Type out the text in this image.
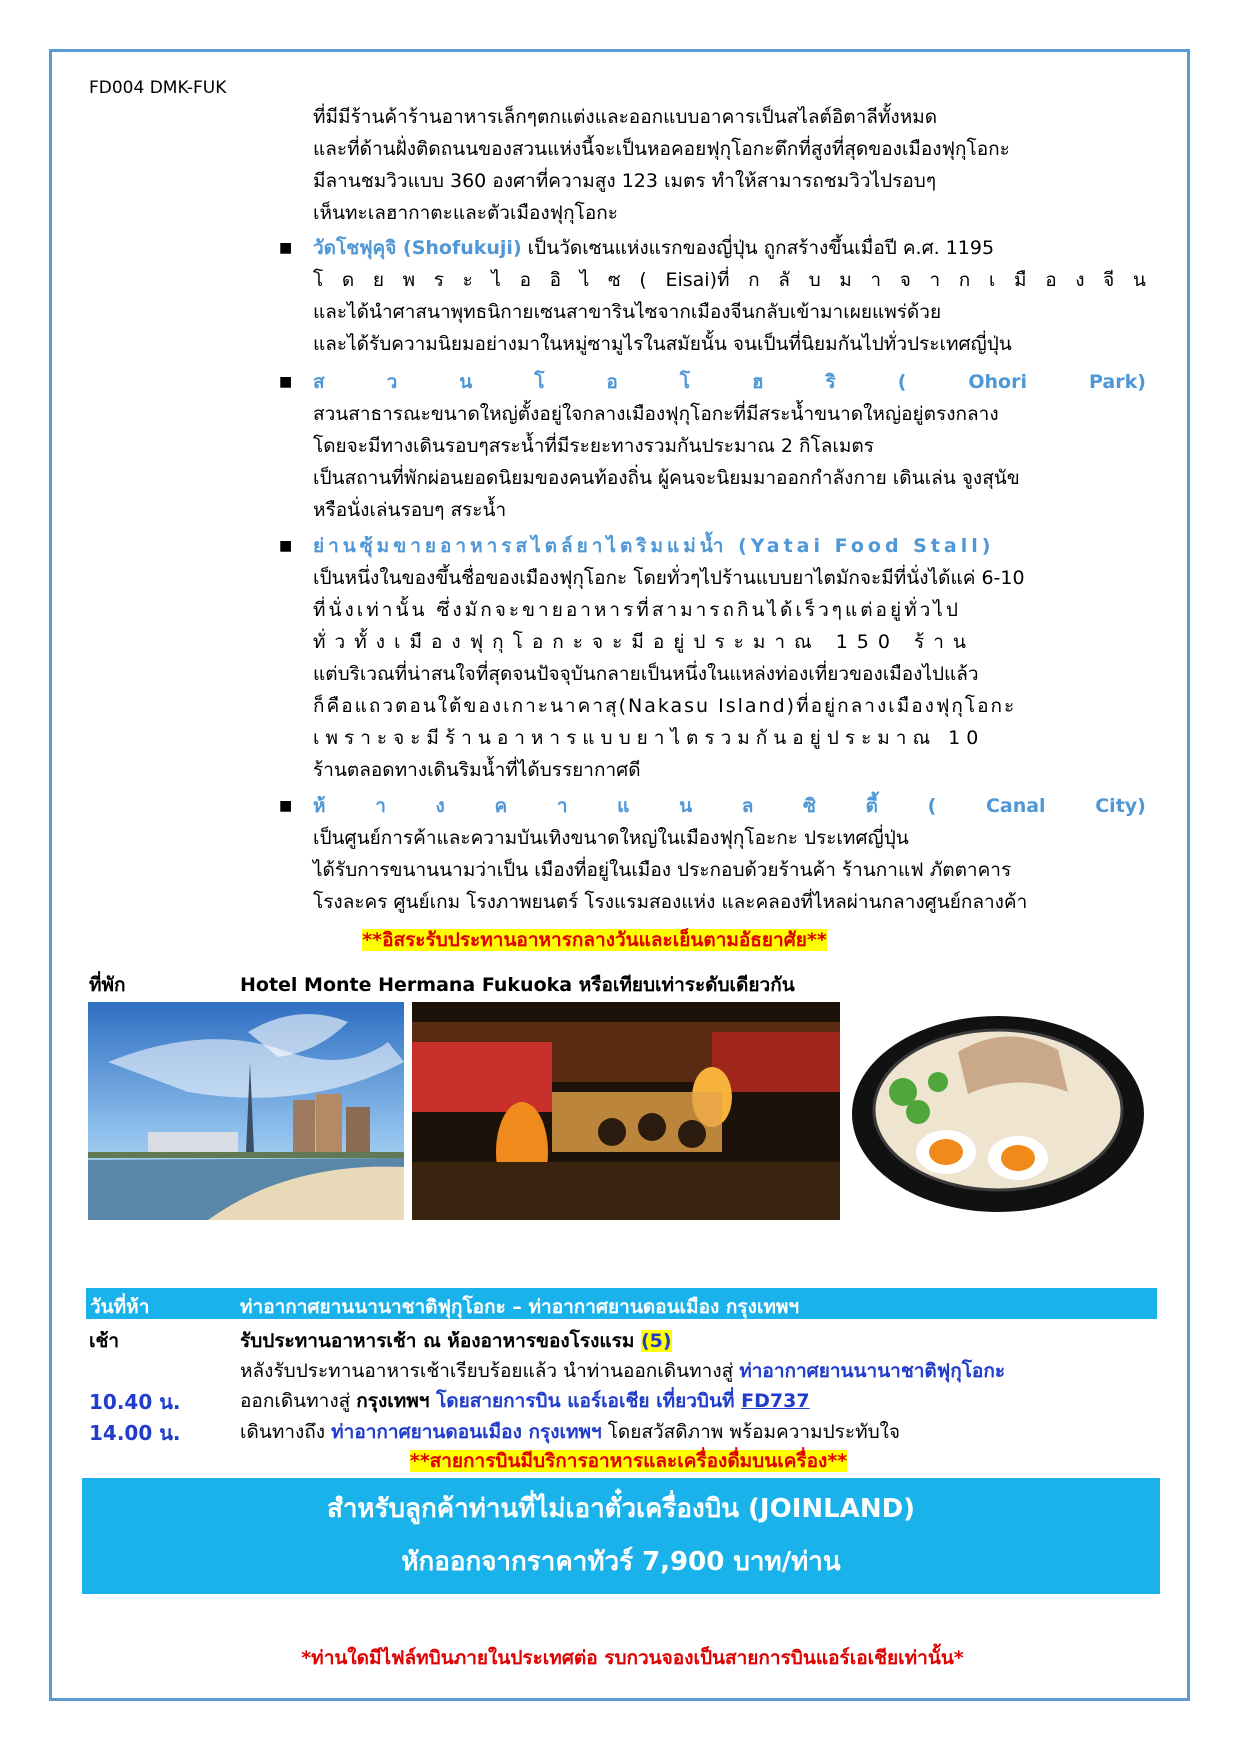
FD004 DMK-FUK
ที่มีมีร้านค้าร้านอาหารเล็กๆตกแต่งและออกแบบอาคารเป็นสไลต์อิตาลีทั้งหมด
และที่ด้านฝั่งติดถนนของสวนแห่งนี้จะเป็นหอคอยฟุกุโอกะตึกที่สูงที่สุดของเมืองฟุกุโอกะ
มีลานชมวิวแบบ 360 องศาที่ความสูง 123 เมตร ทำให้สามารถชมวิวไปรอบๆ
เห็นทะเลฮากาตะและตัวเมืองฟุกุโอกะ
■ วัดโชฟุคุจิ (Shofukuji) เป็นวัดเซนแห่งแรกของญี่ปุ่น ถูกสร้างขึ้นเมื่อปี ค.ศ. 1195
โ ด ย พ ร ะ ไ อ อิ ไ ซ ( Eisai)ที่ ก ลั บ ม า จ า ก เ มื อ ง จี น
และได้นำศาสนาพุทธนิกายเซนสาขารินไซจากเมืองจีนกลับเข้ามาเผยแพร่ด้วย
และได้รับความนิยมอย่างมาในหมู่ซามูไรในสมัยนั้น จนเป็นที่นิยมกันไปทั่วประเทศญี่ปุ่น
■ ส	ว	น	โ	อ	โ	ฮ	ริ	(	Ohori	Park)
สวนสาธารณะขนาดใหญ่ตั้งอยู่ใจกลางเมืองฟุกุโอกะที่มีสระน้ำขนาดใหญ่อยู่ตรงกลาง
โดยจะมีทางเดินรอบๆสระน้ำที่มีระยะทางรวมกันประมาณ 2 กิโลเมตร
เป็นสถานที่พักผ่อนยอดนิยมของคนท้องถิ่น ผู้คนจะนิยมมาออกกำลังกาย เดินเล่น จูงสุนัข
หรือนั่งเล่นรอบๆ สระน้ำ
■ ย่านซุ้มขายอาหารสไตล์ยาไตริมแม่น้ำ (Yatai Food Stall)
เป็นหนึ่งในของขึ้นชื่อของเมืองฟุกุโอกะ โดยทั่วๆไปร้านแบบยาไตมักจะมีที่นั่งได้แค่ 6-10
ที่นั่งเท่านั้น ซึ่งมักจะขายอาหารที่สามารถกินได้เร็วๆแต่อยู่ทั่วไป
ทั่วทั้งเมืองฟุกุโอกะจะมีอยู่ประมาณ 150 ร้าน
แต่บริเวณที่น่าสนใจที่สุดจนปัจจุบันกลายเป็นหนึ่งในแหล่งท่องเที่ยวของเมืองไปแล้ว
ก็คือแถวตอนใต้ของเกาะนาคาสุ(Nakasu Island)ที่อยู่กลางเมืองฟุกุโอกะ
เพราะจะมีร้านอาหารแบบยาไตรวมกันอยู่ประมาณ 10
ร้านตลอดทางเดินริมน้ำที่ได้บรรยากาศดี
■ ห้	า	ง	ค	า	แ	น	ล	ซิ	ตี้	(	Canal	City)
เป็นศูนย์การค้าและความบันเทิงขนาดใหญ่ในเมืองฟุกุโอะกะ ประเทศญี่ปุ่น
ได้รับการขนานนามว่าเป็น เมืองที่อยู่ในเมือง ประกอบด้วยร้านค้า ร้านกาแฟ ภัตตาคาร
โรงละคร ศูนย์เกม โรงภาพยนตร์ โรงแรมสองแห่ง และคลองที่ไหลผ่านกลางศูนย์กลางค้า
**อิสระรับประทานอาหารกลางวันและเย็นตามอัธยาศัย**
ที่พัก	Hotel Monte Hermana Fukuoka หรือเทียบเท่าระดับเดียวกัน
วันที่ห้า	ท่าอากาศยานนานาชาติฟุกุโอกะ – ท่าอากาศยานดอนเมือง กรุงเทพฯ
เช้า	รับประทานอาหารเช้า ณ ห้องอาหารของโรงแรม (5)
หลังรับประทานอาหารเช้าเรียบร้อยแล้ว นำท่านออกเดินทางสู่ ท่าอากาศยานนานาชาติฟุกุโอกะ
10.40 น.	ออกเดินทางสู่ กรุงเทพฯ โดยสายการบิน แอร์เอเชีย เที่ยวบินที่ FD737
14.00 น.	เดินทางถึง ท่าอากาศยานดอนเมือง กรุงเทพฯ โดยสวัสดิภาพ พร้อมความประทับใจ
**สายการบินมีบริการอาหารและเครื่องดื่มบนเครื่อง**
สำหรับลูกค้าท่านที่ไม่เอาตั๋วเครื่องบิน (JOINLAND)
หักออกจากราคาทัวร์ 7,900 บาท/ท่าน
*ท่านใดมีไฟล์ทบินภายในประเทศต่อ รบกวนจองเป็นสายการบินแอร์เอเชียเท่านั้น*
